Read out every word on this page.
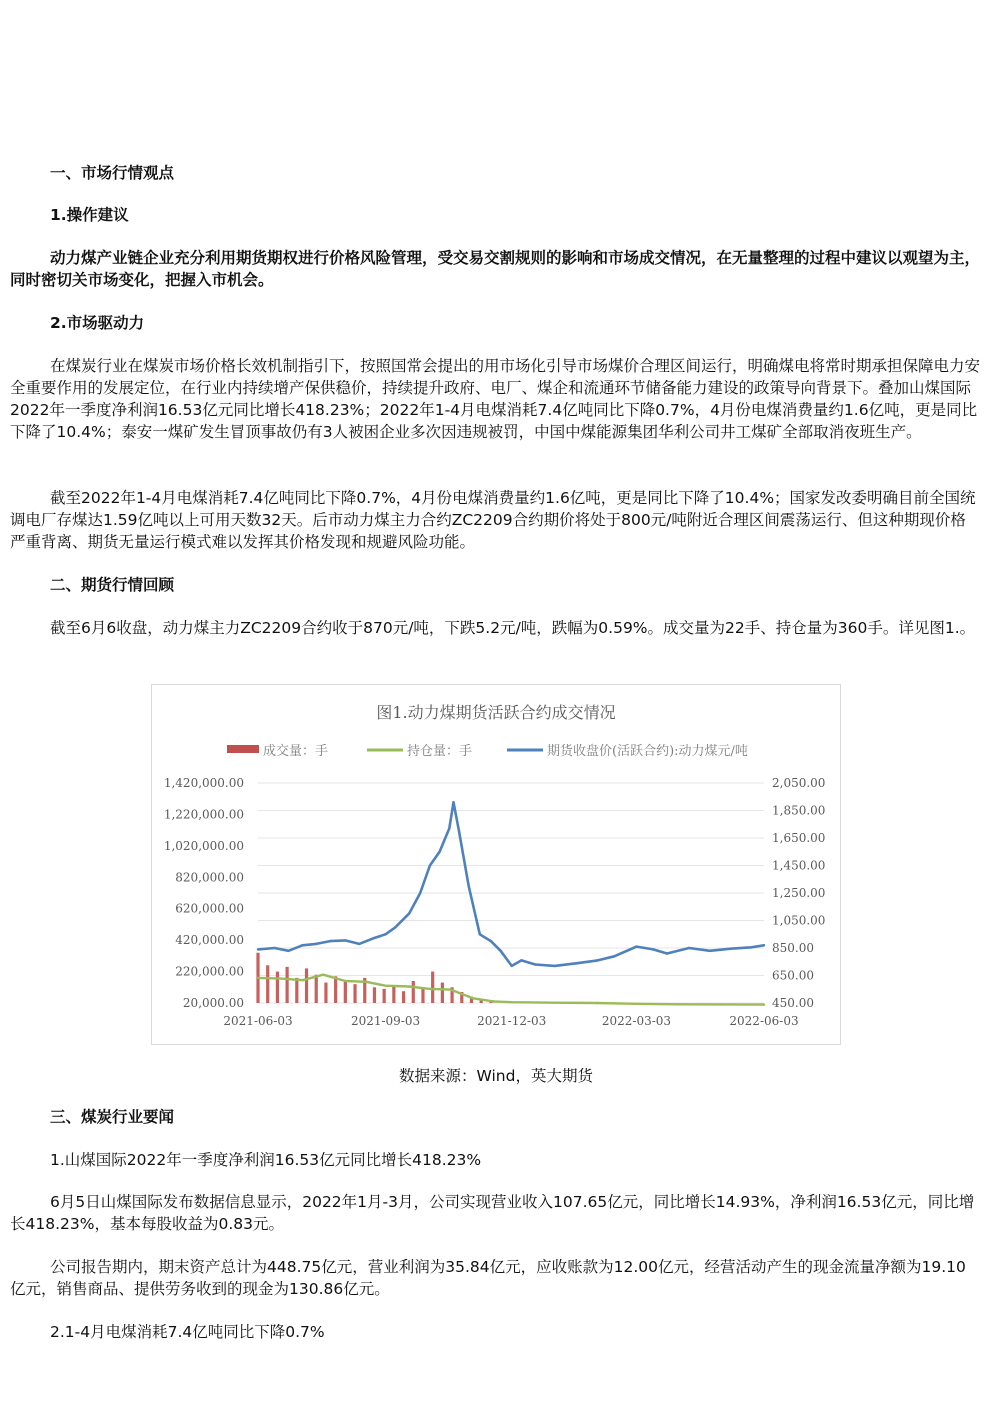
一、市场行情观点
1.操作建议
动力煤产业链企业充分利用期货期权进行价格风险管理，受交易交割规则的影响和市场成交情况，在无量整理的过程中建议以观望为主，同时密切关市场变化，把握入市机会。
2.市场驱动力
在煤炭行业在煤炭市场价格长效机制指引下，按照国常会提出的用市场化引导市场煤价合理区间运行，明确煤电将常时期承担保障电力安全重要作用的发展定位，在行业内持续增产保供稳价，持续提升政府、电厂、煤企和流通环节储备能力建设的政策导向背景下。叠加山煤国际2022年一季度净利润16.53亿元同比增长418.23%；2022年1-4月电煤消耗7.4亿吨同比下降0.7%，4月份电煤消费量约1.6亿吨，更是同比下降了10.4%；泰安一煤矿发生冒顶事故仍有3人被困企业多次因违规被罚，中国中煤能源集团华利公司井工煤矿全部取消夜班生产。
截至2022年1-4月电煤消耗7.4亿吨同比下降0.7%，4月份电煤消费量约1.6亿吨，更是同比下降了10.4%；国家发改委明确目前全国统调电厂存煤达1.59亿吨以上可用天数32天。后市动力煤主力合约ZC2209合约期价将处于800元/吨附近合理区间震荡运行、但这种期现价格严重背离、期货无量运行模式难以发挥其价格发现和规避风险功能。
二、期货行情回顾
截至6月6收盘，动力煤主力ZC2209合约收于870元/吨，下跌5.2元/吨，跌幅为0.59%。成交量为22手、持仓量为360手。详见图1.。
图1.动力煤期货活跃合约成交情况
成交量：手	持仓量：手	期货收盘价(活跃合约):动力煤元/吨
1,420,000.00
1,220,000.00
1,020,000.00
820,000.00
620,000.00
420,000.00
220,000.00
20,000.00
2,050.00
1,850.00
1,650.00
1,450.00
1,250.00
1,050.00
850.00
650.00
450.00
2021-06-03	2021-09-03	2021-12-03	2022-03-03	2022-06-03
数据来源：Wind，英大期货
三、煤炭行业要闻
1.山煤国际2022年一季度净利润16.53亿元同比增长418.23%
6月5日山煤国际发布数据信息显示，2022年1月-3月，公司实现营业收入107.65亿元，同比增长14.93%，净利润16.53亿元，同比增长418.23%，基本每股收益为0.83元。
公司报告期内，期末资产总计为448.75亿元，营业利润为35.84亿元，应收账款为12.00亿元，经营活动产生的现金流量净额为19.10亿元，销售商品、提供劳务收到的现金为130.86亿元。
2.1-4月电煤消耗7.4亿吨同比下降0.7%
